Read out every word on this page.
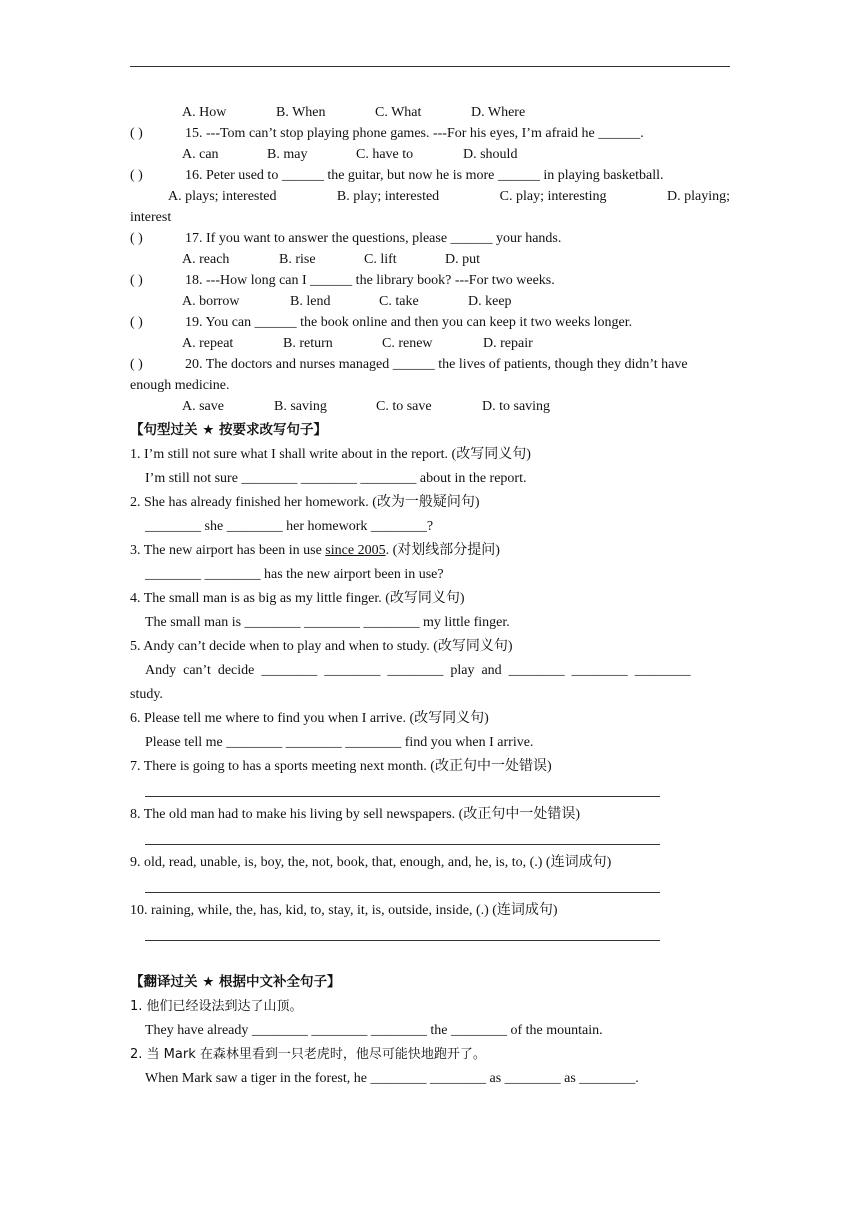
A. How	B. When	C. What	D. Where
( )	15. ---Tom can’t stop playing phone games. ---For his eyes, I’m afraid he ______.
A. can	B. may	C. have to	D. should
( )	16. Peter used to ______ the guitar, but now he is more ______ in playing basketball.
A. plays; interested	B. play; interested	C. play; interesting	D. playing;
interest
( )	17. If you want to answer the questions, please ______ your hands.
A. reach	B. rise	C. lift	D. put
( )	18. ---How long can I ______ the library book? ---For two weeks.
A. borrow	B. lend	C. take	D. keep
( )	19. You can ______ the book online and then you can keep it two weeks longer.
A. repeat	B. return	C. renew	D. repair
( )	20. The doctors and nurses managed ______ the lives of patients, though they didn’t have
enough medicine.
A. save	B. saving	C. to save	D. to saving
【句型过关 ★ 按要求改写句子】
1. I’m still not sure what I shall write about in the report. (改写同义句)
I’m still not sure ________ ________ ________ about in the report.
2. She has already finished her homework. (改为一般疑问句)
________ she ________ her homework ________?
3. The new airport has been in use since 2005. (对划线部分提问)
________ ________ has the new airport been in use?
4. The small man is as big as my little finger. (改写同义句)
The small man is ________ ________ ________ my little finger.
5. Andy can’t decide when to play and when to study. (改写同义句)
Andy  can’t  decide  ________  ________  ________  play  and  ________  ________  ________
study.
6. Please tell me where to find you when I arrive. (改写同义句)
Please tell me ________ ________ ________ find you when I arrive.
7. There is going to has a sports meeting next month. (改正句中一处错误)
8. The old man had to make his living by sell newspapers. (改正句中一处错误)
9. old, read, unable, is, boy, the, not, book, that, enough, and, he, is, to, (.) (连词成句)
10. raining, while, the, has, kid, to, stay, it, is, outside, inside, (.) (连词成句)
【翻译过关 ★ 根据中文补全句子】
1. 他们已经设法到达了山顶。
They have already ________ ________ ________ the ________ of the mountain.
2. 当 Mark 在森林里看到一只老虎时，他尽可能快地跑开了。
When Mark saw a tiger in the forest, he ________ ________ as ________ as ________.
